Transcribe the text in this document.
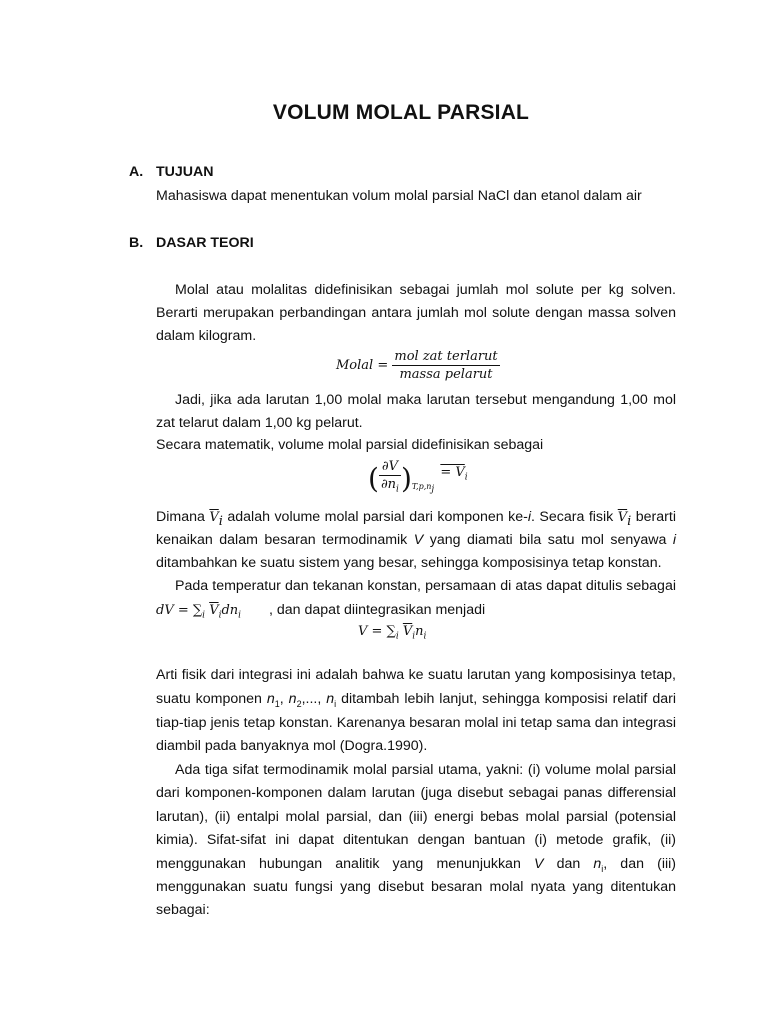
VOLUM MOLAL PARSIAL
A. TUJUAN
Mahasiswa dapat menentukan volum molal parsial NaCl dan etanol dalam air
B. DASAR TEORI
Molal atau molalitas didefinisikan sebagai jumlah mol solute per kg solven.
Berarti merupakan perbandingan antara jumlah mol solute dengan massa solven
dalam kilogram.
Molal = $\frac{\text{mol zat terlarut}}{\text{massa pelarut}}$
Jadi, jika ada larutan 1,00 molal maka larutan tersebut mengandung 1,00 mol
zat telarut dalam 1,00 kg pelarut.
Secara matematik, volume molal parsial didefinisikan sebagai
( $\frac{\partial V}{\partial n_i} )_{T,p,n_j} = V_i$
Dimana $\overline{V}_i$ adalah volume molal parsial dari komponen ke-i. Secara fisik $\overline{V}_i$ berarti
kenaikan dalam besaran termodinamik V yang diamati bila satu mol senyawa i
ditambahkan ke suatu sistem yang besar, sehingga komposisinya tetap konstan.
Pada temperatur dan tekanan konstan, persamaan di atas dapat ditulis sebagai
dV = $\sum_i$ $\overline{V}_idn_i$ , dan dapat diintegrasikan menjadi
$V = \sum_i$ $\overline{V}_in_i$
Arti fisik dari integrasi ini adalah bahwa ke suatu larutan yang komposisinya tetap,
suatu komponen $n_1$, $n_2$,..., $n_i$ ditambah lebih lanjut, sehingga komposisi relatif dari
tiap-tiap jenis tetap konstan. Karenanya besaran molal ini tetap sama dan integrasi
diambil pada banyaknya mol (Dogra.1990).
Ada tiga sifat termodinamik molal parsial utama, yakni: (i) volume molal parsial
dari komponen-komponen dalam larutan (juga disebut sebagai panas differensial
larutan), (ii) entalpi molal parsial, dan (iii) energi bebas molal parsial (potensial
kimia). Sifat-sifat ini dapat ditentukan dengan bantuan (i) metode grafik, (ii)
menggunakan hubungan analitik yang menunjukkan V dan $n_i$, dan (iii)
menggunakan suatu fungsi yang disebut besaran molal nyata yang ditentukan
sebagai:
